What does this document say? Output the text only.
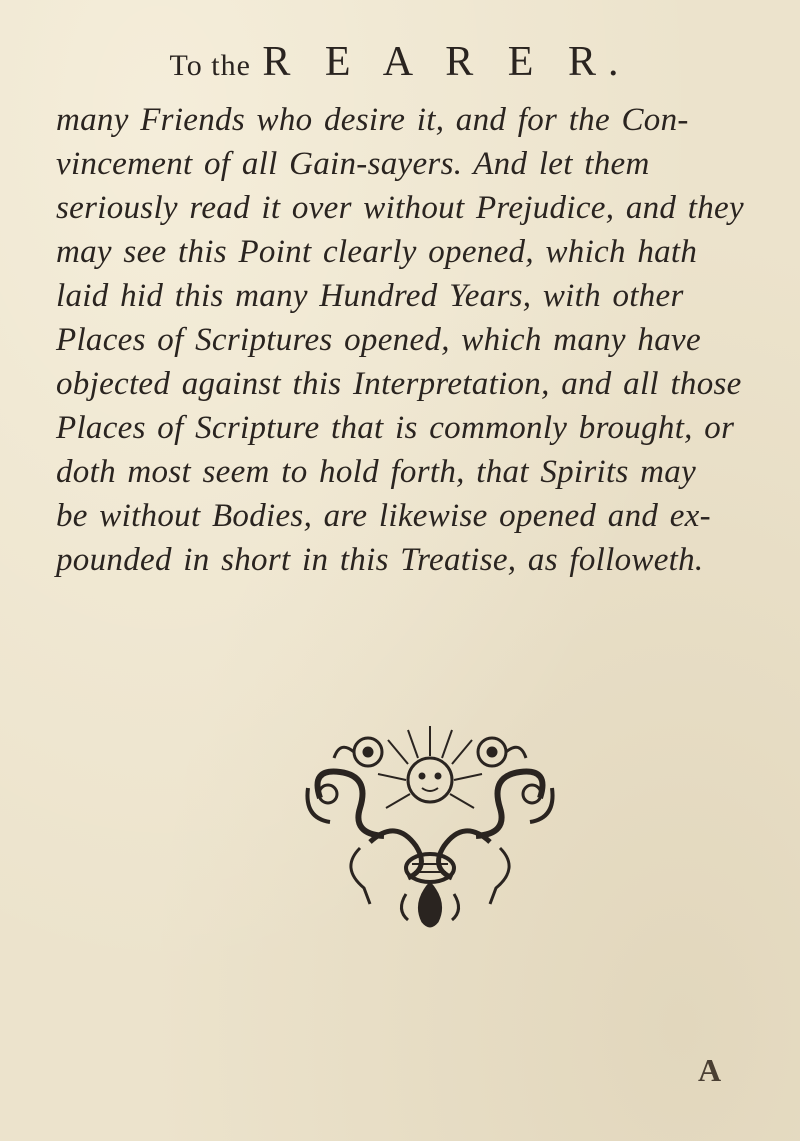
To the R E A R E R.
many Friends who desire it, and for the Con-
vincement of all Gain-sayers. And let them
seriously read it over without Prejudice, and they
may see this Point clearly opened, which hath
laid hid this many Hundred Years, with other
Places of Scriptures opened, which many have
objected against this Interpretation, and all those
Places of Scripture that is commonly brought, or
doth most seem to hold forth, that Spirits may
be without Bodies, are likewise opened and ex-
pounded in short in this Treatise, as followeth.
A
